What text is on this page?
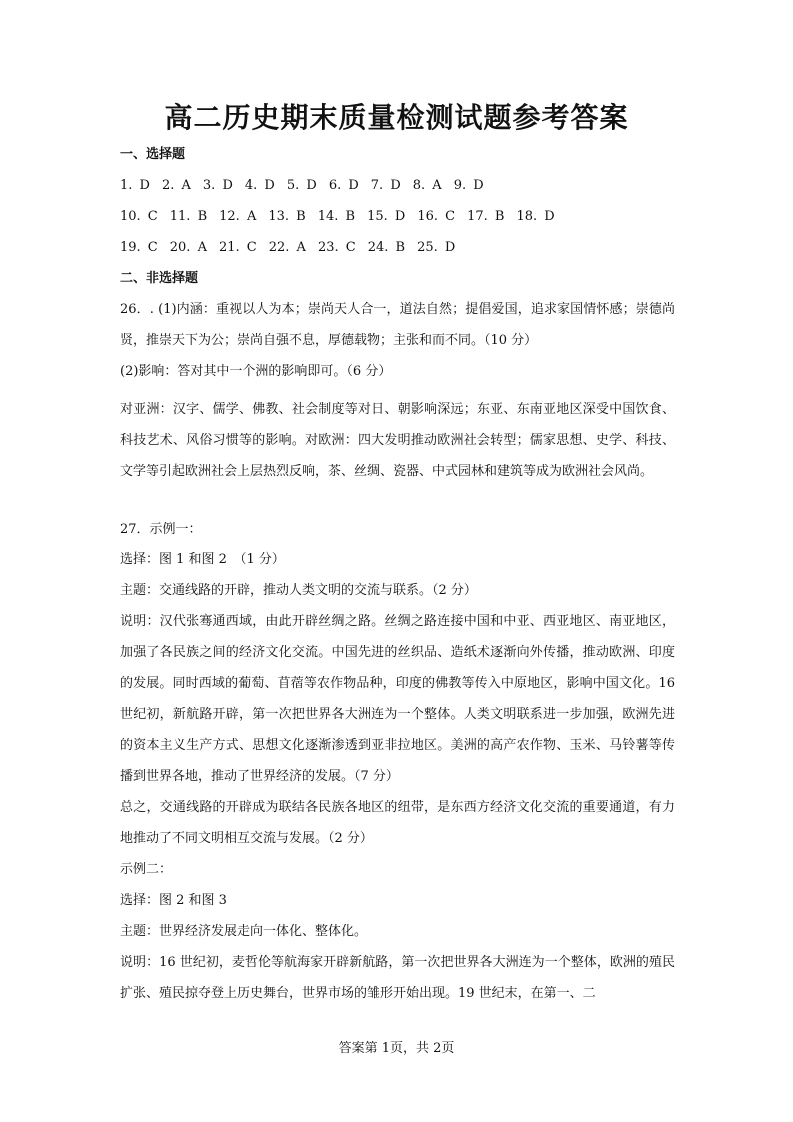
高二历史期末质量检测试题参考答案
一、选择题
1. D 2. A 3. D 4. D 5. D 6. D 7. D 8. A 9. D
10. C 11. B 12. A 13. B 14. B 15. D 16. C 17. B 18. D
19. C 20. A 21. C 22. A 23. C 24. B 25. D
二、非选择题
26．. (1)内涵：重视以人为本；崇尚天人合一，道法自然；提倡爱国，追求家国情怀感；崇德尚贤，推崇天下为公；崇尚自强不息，厚德载物；主张和而不同。（10 分）
(2)影响：答对其中一个洲的影响即可。（6 分）
对亚洲：汉字、儒学、佛教、社会制度等对日、朝影响深远；东亚、东南亚地区深受中国饮食、科技艺术、风俗习惯等的影响。对欧洲：四大发明推动欧洲社会转型；儒家思想、史学、科技、文学等引起欧洲社会上层热烈反响，茶、丝绸、瓷器、中式园林和建筑等成为欧洲社会风尚。
27．示例一：
选择：图 1 和图 2　（1 分）
主题：交通线路的开辟，推动人类文明的交流与联系。（2 分）
说明：汉代张骞通西域，由此开辟丝绸之路。丝绸之路连接中国和中亚、西亚地区、南亚地区，加强了各民族之间的经济文化交流。中国先进的丝织品、造纸术逐渐向外传播，推动欧洲、印度的发展。同时西域的葡萄、苜蓿等农作物品种，印度的佛教等传入中原地区，影响中国文化。16 世纪初，新航路开辟，第一次把世界各大洲连为一个整体。人类文明联系进一步加强，欧洲先进的资本主义生产方式、思想文化逐渐渗透到亚非拉地区。美洲的高产农作物、玉米、马铃薯等传播到世界各地，推动了世界经济的发展。（7 分）
总之，交通线路的开辟成为联结各民族各地区的纽带，是东西方经济文化交流的重要通道，有力地推动了不同文明相互交流与发展。（2 分）
示例二：
选择：图 2 和图 3
主题：世界经济发展走向一体化、整体化。
说明：16 世纪初，麦哲伦等航海家开辟新航路，第一次把世界各大洲连为一个整体，欧洲的殖民扩张、殖民掠夺登上历史舞台，世界市场的雏形开始出现。19 世纪末，在第一、二
答案第 1页，共 2页
